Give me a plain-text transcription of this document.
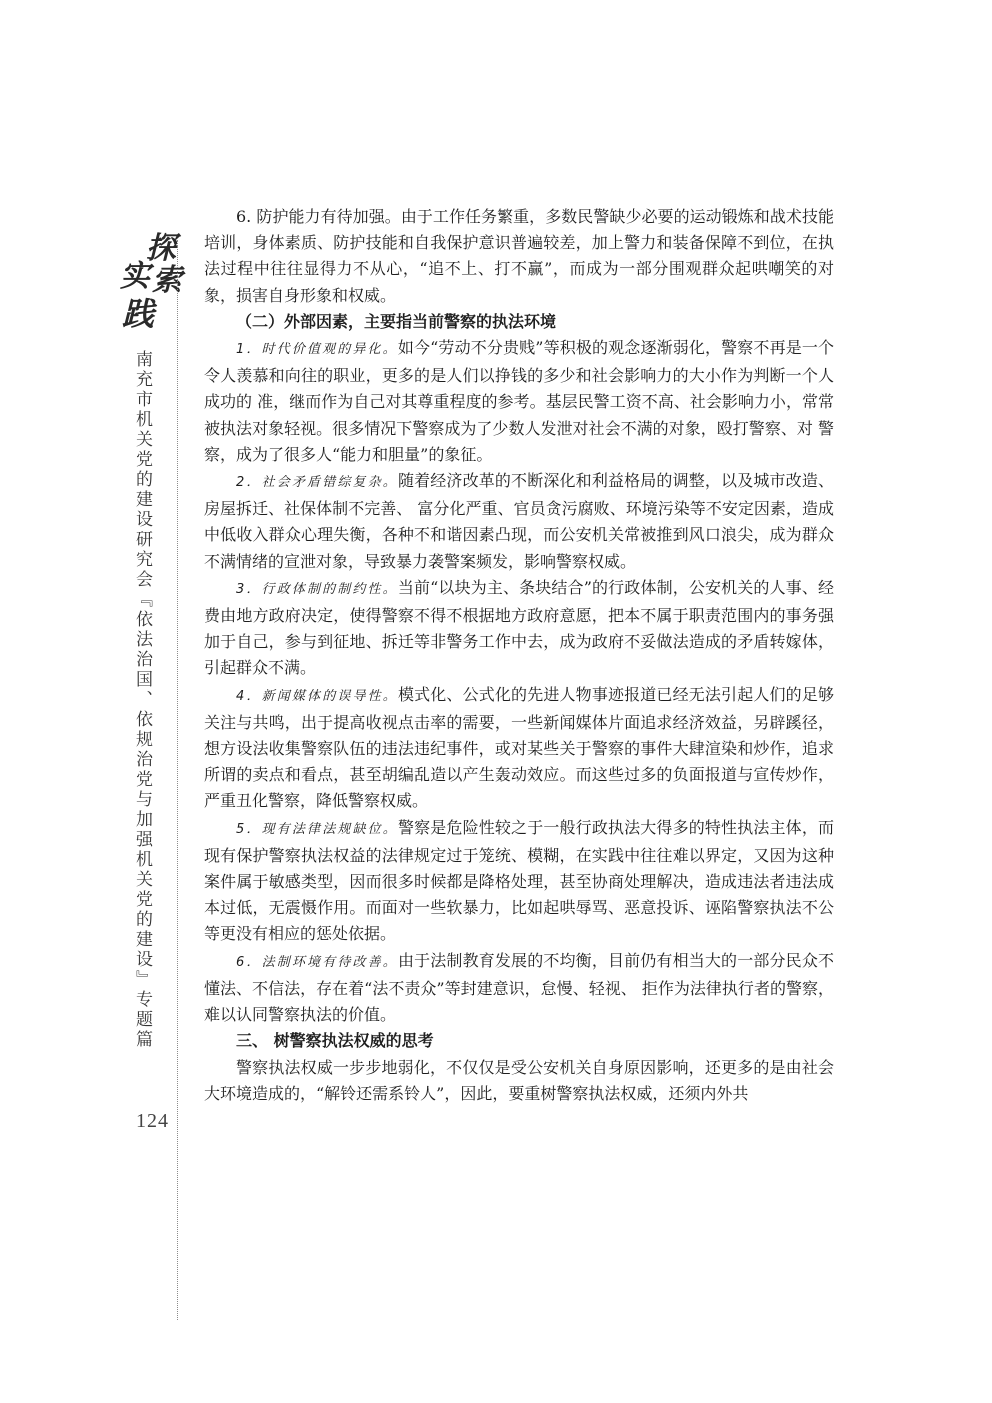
探
索
实
践
南充市机关党的建设研究会『依法治国、依规治党与加强机关党的建设』专题篇
124

6. 防护能力有待加强。由于工作任务繁重，多数民警缺少必要的运动锻炼和战术技能培训，身体素质、防护技能和自我保护意识普遍较差，加上警力和装备保障不到位，在执法过程中往往显得力不从心，“追不上、打不赢”，而成为一部分围观群众起哄嘲笑的对象，损害自身形象和权威。

（二）外部因素，主要指当前警察的执法环境

1．时代价值观的异化。如今“劳动不分贵贱”等积极的观念逐渐弱化，警察不再是一个令人羡慕和向往的职业，更多的是人们以挣钱的多少和社会影响力的大小作为判断一个人成功的 准，继而作为自己对其尊重程度的参考。基层民警工资不高、社会影响力小，常常被执法对象轻视。很多情况下警察成为了少数人发泄对社会不满的对象，殴打警察、对 警察，成为了很多人“能力和胆量”的象征。

2．社会矛盾错综复杂。随着经济改革的不断深化和利益格局的调整，以及城市改造、房屋拆迁、社保体制不完善、 富分化严重、官员贪污腐败、环境污染等不安定因素，造成中低收入群众心理失衡，各种不和谐因素凸现，而公安机关常被推到风口浪尖，成为群众不满情绪的宣泄对象，导致暴力袭警案频发，影响警察权威。

3．行政体制的制约性。当前“以块为主、条块结合”的行政体制，公安机关的人事、经费由地方政府决定，使得警察不得不根据地方政府意愿，把本不属于职责范围内的事务强加于自己，参与到征地、拆迁等非警务工作中去，成为政府不妥做法造成的矛盾转嫁体，引起群众不满。

4．新闻媒体的误导性。模式化、公式化的先进人物事迹报道已经无法引起人们的足够关注与共鸣，出于提高收视点击率的需要，一些新闻媒体片面追求经济效益，另辟蹊径，想方设法收集警察队伍的违法违纪事件，或对某些关于警察的事件大肆渲染和炒作，追求所谓的卖点和看点，甚至胡编乱造以产生轰动效应。而这些过多的负面报道与宣传炒作，严重丑化警察，降低警察权威。

5．现有法律法规缺位。警察是危险性较之于一般行政执法大得多的特性执法主体，而现有保护警察执法权益的法律规定过于笼统、模糊，在实践中往往难以界定，又因为这种案件属于敏感类型，因而很多时候都是降格处理，甚至协商处理解决，造成违法者违法成本过低，无震慑作用。而面对一些软暴力，比如起哄辱骂、恶意投诉、诬陷警察执法不公等更没有相应的惩处依据。

6．法制环境有待改善。由于法制教育发展的不均衡，目前仍有相当大的一部分民众不懂法、不信法，存在着“法不责众”等封建意识，怠慢、轻视、 拒作为法律执行者的警察，难以认同警察执法的价值。

三、 树警察执法权威的思考

警察执法权威一步步地弱化，不仅仅是受公安机关自身原因影响，还更多的是由社会大环境造成的，“解铃还需系铃人”，因此，要重树警察执法权威，还须内外共
